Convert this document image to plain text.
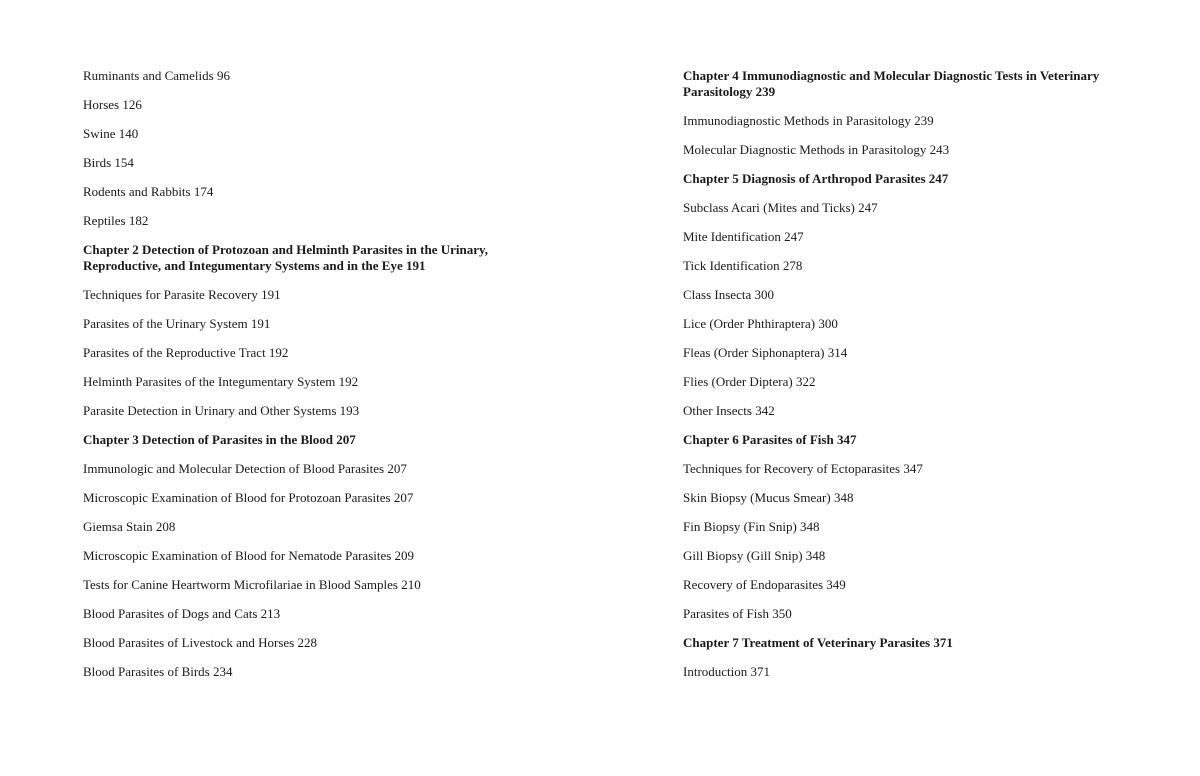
Ruminants and Camelids 96

Horses 126

Swine 140

Birds 154

Rodents and Rabbits 174

Reptiles 182

Chapter 2 Detection of Protozoan and Helminth Parasites in the Urinary, Reproductive, and Integumentary Systems and in the Eye 191

Techniques for Parasite Recovery 191

Parasites of the Urinary System 191

Parasites of the Reproductive Tract 192

Helminth Parasites of the Integumentary System 192

Parasite Detection in Urinary and Other Systems 193

Chapter 3 Detection of Parasites in the Blood 207

Immunologic and Molecular Detection of Blood Parasites 207

Microscopic Examination of Blood for Protozoan Parasites 207

Giemsa Stain 208

Microscopic Examination of Blood for Nematode Parasites 209

Tests for Canine Heartworm Microfilariae in Blood Samples 210

Blood Parasites of Dogs and Cats 213

Blood Parasites of Livestock and Horses 228

Blood Parasites of Birds 234

Chapter 4 Immunodiagnostic and Molecular Diagnostic Tests in Veterinary Parasitology 239

Immunodiagnostic Methods in Parasitology 239

Molecular Diagnostic Methods in Parasitology 243

Chapter 5 Diagnosis of Arthropod Parasites 247

Subclass Acari (Mites and Ticks) 247

Mite Identification 247

Tick Identification 278

Class Insecta 300

Lice (Order Phthiraptera) 300

Fleas (Order Siphonaptera) 314

Flies (Order Diptera) 322

Other Insects 342

Chapter 6 Parasites of Fish 347

Techniques for Recovery of Ectoparasites 347

Skin Biopsy (Mucus Smear) 348

Fin Biopsy (Fin Snip) 348

Gill Biopsy (Gill Snip) 348

Recovery of Endoparasites 349

Parasites of Fish 350

Chapter 7 Treatment of Veterinary Parasites 371

Introduction 371
